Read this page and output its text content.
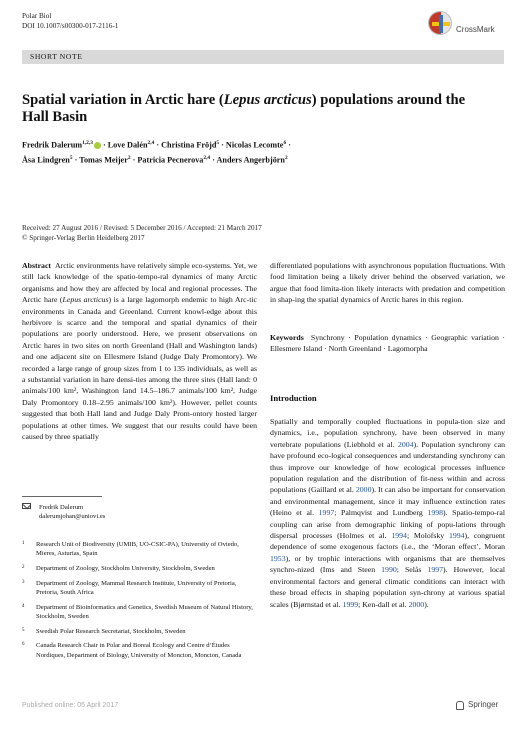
Polar Biol
DOI 10.1007/s00300-017-2116-1	CrossMark
SHORT NOTE
Spatial variation in Arctic hare (Lepus arcticus) populations around the Hall Basin
Fredrik Dalerum$^{1,2,3}$ · Love Dalén$^{2,4}$ · Christina Fröjd$^5$ · Nicolas Lecomte$^6$ ·
Åsa Lindgren$^5$ · Tomas Meijer$^2$ · Patricia Pecnerova$^{2,4}$ · Anders Angerbjörn$^2$
Received: 27 August 2016 / Revised: 5 December 2016 / Accepted: 21 March 2017
© Springer-Verlag Berlin Heidelberg 2017
Abstract Arctic environments have relatively simple eco-systems. Yet, we still lack knowledge of the spatio-tempo-ral dynamics of many Arctic organisms and how they are affected by local and regional processes. The Arctic hare (Lepus arcticus) is a large lagomorph endemic to high Arc-tic environments in Canada and Greenland. Current knowl-edge about this herbivore is scarce and the temporal and spatial dynamics of their populations are poorly understood. Here, we present observations on Arctic hares in two sites on north Greenland (Hall and Washington lands) and one adjacent site on Ellesmere Island (Judge Daly Promontory). We recorded a large range of group sizes from 1 to 135 individuals, as well as a substantial variation in hare densi-ties among the three sites (Hall land: 0 animals/100 km², Washington land 14.5–186.7 animals/100 km², Judge Daly Promontory 0.18–2.95 animals/100 km²). However, pellet counts suggested that both Hall land and Judge Daly Prom-ontory hosted larger populations at other times. We suggest that our results could have been caused by three spatially
differentiated populations with asynchronous population fluctuations. With food limitation being a likely driver behind the observed variation, we argue that food limita-tion likely interacts with predation and competition in shap-ing the spatial dynamics of Arctic hares in this region.
Keywords Synchrony · Population dynamics · Geographic variation · Ellesmere Island · North Greenland · Lagomorpha
Introduction
Spatially and temporally coupled fluctuations in popula-tion size and dynamics, i.e., population synchrony, have been observed in many vertebrate populations (Liebhold et al. 2004). Population synchrony can have profound eco-logical consequences and understanding synchrony can thus improve our knowledge of how ecological processes influence population regulation and the distribution of fit-ness within and across populations (Gaillard et al. 2000). It can also be important for conservation and environmental management, since it may influence extinction rates (Heino et al. 1997; Palmqvist and Lundberg 1998). Spatio-tempo-ral coupling can arise from demographic linking of popu-lations through dispersal processes (Holmes et al. 1994; Molofsky 1994), congruent dependence of some exogenous factors (i.e., the ‘Moran effect’, Moran 1953), or by trophic interactions with organisms that are themselves synchro-nized (Ims and Steen 1990; Selås 1997). However, local environmental factors and general climatic conditions can interact with these broad effects in shaping population syn-chrony at various spatial scales (Bjørnstad et al. 1999; Ken-dall et al. 2000).
Fredrik Dalerum
dalerumjohan@uniovi.es
1 Research Unit of Biodiversity (UMIB, UO-CSIC-PA), University of Oviedo, Mieres, Asturias, Spain
2 Department of Zoology, Stockholm University, Stockholm, Sweden
3 Department of Zoology, Mammal Research Institute, University of Pretoria, Pretoria, South Africa
4 Department of Bioinformatics and Genetics, Swedish Museum of Natural History, Stockholm, Sweden
5 Swedish Polar Research Secretariat, Stockholm, Sweden
6 Canada Research Chair in Polar and Boreal Ecology and Centre d’Études Nordiques, Department of Biology, University of Moncton, Moncton, Canada
Published online: 05 April 2017	Springer
